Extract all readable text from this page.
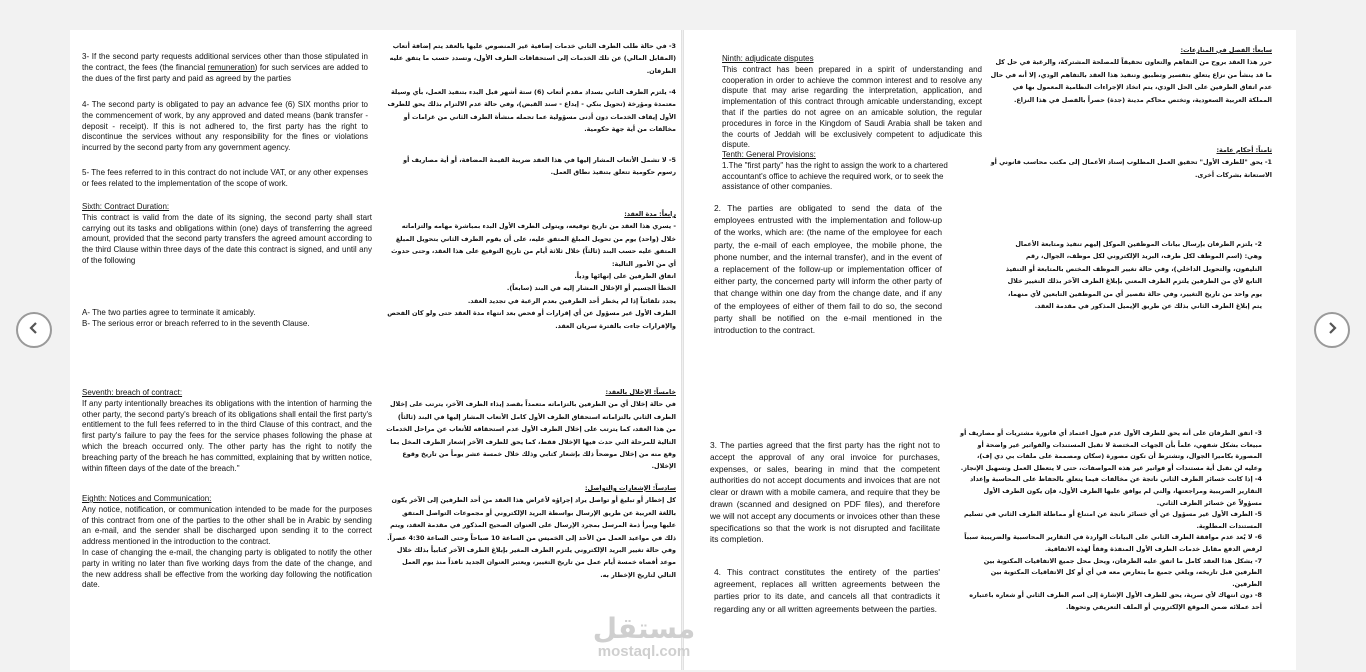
3- If the second party requests additional services other than those stipulated in the contract, the fees (the financial remuneration) for such services are added to the dues of the first party and paid as agreed by the parties

4- The second party is obligated to pay an advance fee (6) SIX months prior to the commencement of work, by any approved and dated means (bank transfer - deposit - receipt). If this is not adhered to, the first party has the right to discontinue the services without any responsibility for the fines or violations incurred by the second party from any government agency.

5- The fees referred to in this contract do not include VAT, or any other expenses or fees related to the implementation of the scope of work.

Sixth: Contract Duration:

This contract is valid from the date of its signing, the second party shall start carrying out its tasks and obligations within (one) days of transferring the agreed amount, provided that the second party transfers the agreed amount according to the third Clause within three days of the date this contract is signed, and until any of the following

A- The two parties agree to terminate it amicably.

B- The serious error or breach referred to in the seventh Clause.

Seventh: breach of contract:

If any party intentionally breaches its obligations with the intention of harming the other party, the second party's breach of its obligations shall entail the first party's entitlement to the full fees referred to in the third Clause of this contract, and the first party's failure to pay the fees for the service phases following the phase at which the breach occurred only. The other party has the right to notify the breaching party of the breach he has committed, explaining that by written notice, within fifteen days of the date of the breach."

Eighth: Notices and Communication:

Any notice, notification, or communication intended to be made for the purposes of this contract from one of the parties to the other shall be in Arabic by sending an e-mail, and the sender shall be discharged upon sending it to the correct address mentioned in the introduction to the contract.

In case of changing the e-mail, the changing party is obligated to notify the other party in writing no later than five working days from the date of the change, and the new address shall be effective from the working day following the notification date.

3- في حالة طلب الطرف الثاني خدمات إضافية غير المنصوص عليها بالعقد يتم إضافة أتعاب (المقابل المالي) عن تلك الخدمات إلى استحقاقات الطرف الأول، وتسدد حسب ما يتفق عليه الطرفان.

4- يلتزم الطرف الثاني بسداد مقدم أتعاب (6) ستة أشهر قبل البدء بتنفيذ العمل، بأي وسيلة معتمدة ومؤرخة (تحويل بنكي - إيداع - سند القبض)، وفي حالة عدم الالتزام بذلك يحق للطرف الأول إيقاف الخدمات دون أدنى مسؤولية عما تحمله منشأة الطرف الثاني من غرامات أو مخالفات من أية جهة حكومية.

5- لا تشمل الأتعاب المشار إليها في هذا العقد ضريبة القيمة المضافة، أو أية مصاريف أو رسوم حكومية تتعلق بتنفيذ نطاق العمل.

رابعاً: مدة العقد:

- يسري هذا العقد من تاريخ توقيعه، ويتولى الطرف الأول البدء بمباشرة مهامه والتزاماته خلال (واحد) يوم من تحويل المبلغ المتفق عليه، على أن يقوم الطرف الثاني بتحويل المبلغ المتفق عليه حسب البند (ثالثاً) خلال ثلاثة أيام من تاريخ التوقيع على هذا العقد، وحتى حدوث أي من الأمور التالية:

اتفاق الطرفين على إنهائها ودياً.

الخطأ الجسيم أو الإخلال المشار إليه في البند (سابعاً).

يجدد تلقائياً إذا لم يخطر أحد الطرفين بعدم الرغبة في تجديد العقد.

الطرف الأول غير مسؤول عن أي إقرارات أو فحص بعد انتهاء مدة العقد حتى ولو كان الفحص والإقرارات جاءت بالفترة سريان العقد.

خامساً: الإخلال بالعقد:

في حالة إخلال أي من الطرفين بالتزاماته متعمداً بقصد إيذاء الطرف الآخر، يترتب على إخلال الطرف الثاني بالتزاماته استحقاق الطرف الأول كامل الأتعاب المشار إليها في البند (ثالثاً) من هذا العقد، كما يترتب على إخلال الطرف الأول عدم استحقاقه للأتعاب عن مراحل الخدمات التالية للمرحلة التي حدث فيها الإخلال فقط، كما يحق للطرف الآخر إشعار الطرف المخل بما وقع منه من إخلال موضحاً ذلك بإشعار كتابي وذلك خلال خمسة عشر يوماً من تاريخ وقوع الإخلال.

سادساً: الإشعارات والتواصل:

كل إخطار أو تبليغ أو تواصل يراد إجراؤه لأغراض هذا العقد من أحد الطرفين إلى الآخر يكون باللغة العربية عن طريق الإرسال بواسطة البريد الإلكتروني أو مجموعات التواصل المتفق عليها ويبرأ ذمة المرسل بمجرد الإرسال على العنوان الصحيح المذكور في مقدمة العقد، ويتم ذلك في مواعيد العمل من الأحد إلى الخميس من الساعة 10 صباحاً وحتى الساعة 4:30 عصراً.

وفي حالة تغيير البريد الإلكتروني يلتزم الطرف المغير بإبلاغ الطرف الآخر كتابياً بذلك خلال موعد أقصاه خمسة أيام عمل من تاريخ التغيير، ويعتبر العنوان الجديد نافذاً منذ يوم العمل التالي لتاريخ الإخطار به.

Ninth: adjudicate disputes

This contract has been prepared in a spirit of understanding and cooperation in order to achieve the common interest and to resolve any dispute that may arise regarding the interpretation, application, and implementation of this contract through amicable understanding, except that if the parties do not agree on an amicable solution, the regular procedures in force in the Kingdom of Saudi Arabia shall be taken and the courts of Jeddah will be exclusively competent to adjudicate this dispute.

Tenth: General Provisions:

1.The "first party" has the right to assign the work to a chartered accountant's office to achieve the required work, or to seek the assistance of other companies.

2. The parties are obligated to send the data of the employees entrusted with the implementation and follow-up of the works, which are: (the name of the employee for each party, the e-mail of each employee, the mobile phone, the phone number, and the internal transfer), and in the event of a replacement of the follow-up or implementation officer of either party, the concerned party will inform the other party of that change within one day from the change date, and if any of the employees of either of them fail to do so, the second party shall be notified on the e-mail mentioned in the introduction to the contract.

3. The parties agreed that the first party has the right not to accept the approval of any oral invoice for purchases, expenses, or sales, bearing in mind that the competent authorities do not accept documents and invoices that are not clear or drawn with a mobile camera, and require that they be drawn (scanned and designed on PDF files), and therefore we will not accept any documents or invoices other than these specifications so that the work is not disrupted and facilitate its completion.

4. This contract constitutes the entirety of the parties' agreement, replaces all written agreements between the parties prior to its date, and cancels all that contradicts it regarding any or all written agreements between the parties.

سابعاً: الفصل في المنازعات:

حرر هذا العقد بروح من التفاهم والتعاون تحقيقاً للمصلحة المشتركة، والرغبة في حل كل ما قد ينشأ من نزاع يتعلق بتفسير وتطبيق وتنفيذ هذا العقد بالتفاهم الودي، إلا أنه في حال عدم اتفاق الطرفين على الحل الودي، يتم اتخاذ الإجراءات النظامية المعمول بها في المملكة العربية السعودية، وتختص محاكم مدينة (جدة) حصراً بالفصل في هذا النزاع.

ثامناً: أحكام عامة:

1- يحق "للطرف الأول" تحقيق العمل المطلوب إسناد الأعمال إلى مكتب محاسب قانوني أو الاستعانة بشركات أخرى.

2- يلتزم الطرفان بإرسال بيانات الموظفين الموكل إليهم تنفيذ ومتابعة الأعمال وهي: (اسم الموظف لكل طرف، البريد الإلكتروني لكل موظف، الجوال، رقم التليفون، والتحويل الداخلي)، وفي حالة تغيير الموظف المختص بالمتابعة أو التنفيذ التابع لأي من الطرفين يلتزم الطرف المعني بإبلاغ الطرف الآخر بذلك التغيير خلال يوم واحد من تاريخ التغيير، وفي حالة تقصير أي من الموظفين التابعين لأي منهما، يتم إبلاغ الطرف الثاني بذلك عن طريق الإيميل المذكور في مقدمة العقد.

3- اتفق الطرفان على أنه يحق للطرف الأول عدم قبول اعتماد أي فاتورة مشتريات أو مصاريف أو مبيعات بشكل شفهي، علماً بأن الجهات المختصة لا تقبل المستندات والفواتير غير واضحة أو المصورة بكاميرا الجوال، وتشترط أن تكون مصورة (سكان ومصممة على ملفات بي دي إف)، وعليه لن نقبل أية مستندات أو فواتير غير هذه المواصفات، حتى لا يتعطل العمل وتسهيل الإنجاز.

4- إذا كانت خسائر الطرف الثاني ناتجة عن مخالفات فيما يتعلق بالحفاظ على المحاسبة وإعداد التقارير الضريبية ومراجعتها، والتي لم يوافق عليها الطرف الأول، فإن يكون الطرف الأول مسؤولاً عن خسائر الطرف الثاني.

5- الطرف الأول غير مسؤول عن أي خسائر ناتجة عن امتناع أو مماطلة الطرف الثاني في تسليم المستندات المطلوبة.

6- لا يُعد عدم موافقة الطرف الثاني على البيانات الواردة في التقارير المحاسبية والضريبية سبباً لرفض الدفع مقابل خدمات الطرف الأول المنفذة وفقاً لهذه الاتفاقية.

7- يشكل هذا العقد كامل ما اتفق عليه الطرفان، ويحل محل جميع الاتفاقيات المكتوبة بين الطرفين قبل تاريخه، ويلغي جميع ما يتعارض معه في أي أو كل الاتفاقيات المكتوبة بين الطرفين.

8- دون انتهاك لأي سرية، يحق للطرف الأول الإشارة إلى اسم الطرف الثاني أو شعاره باعتباره أحد عملائه ضمن الموقع الإلكتروني أو الملف التعريفي وتحوها.

مستقل
mostaql.com
